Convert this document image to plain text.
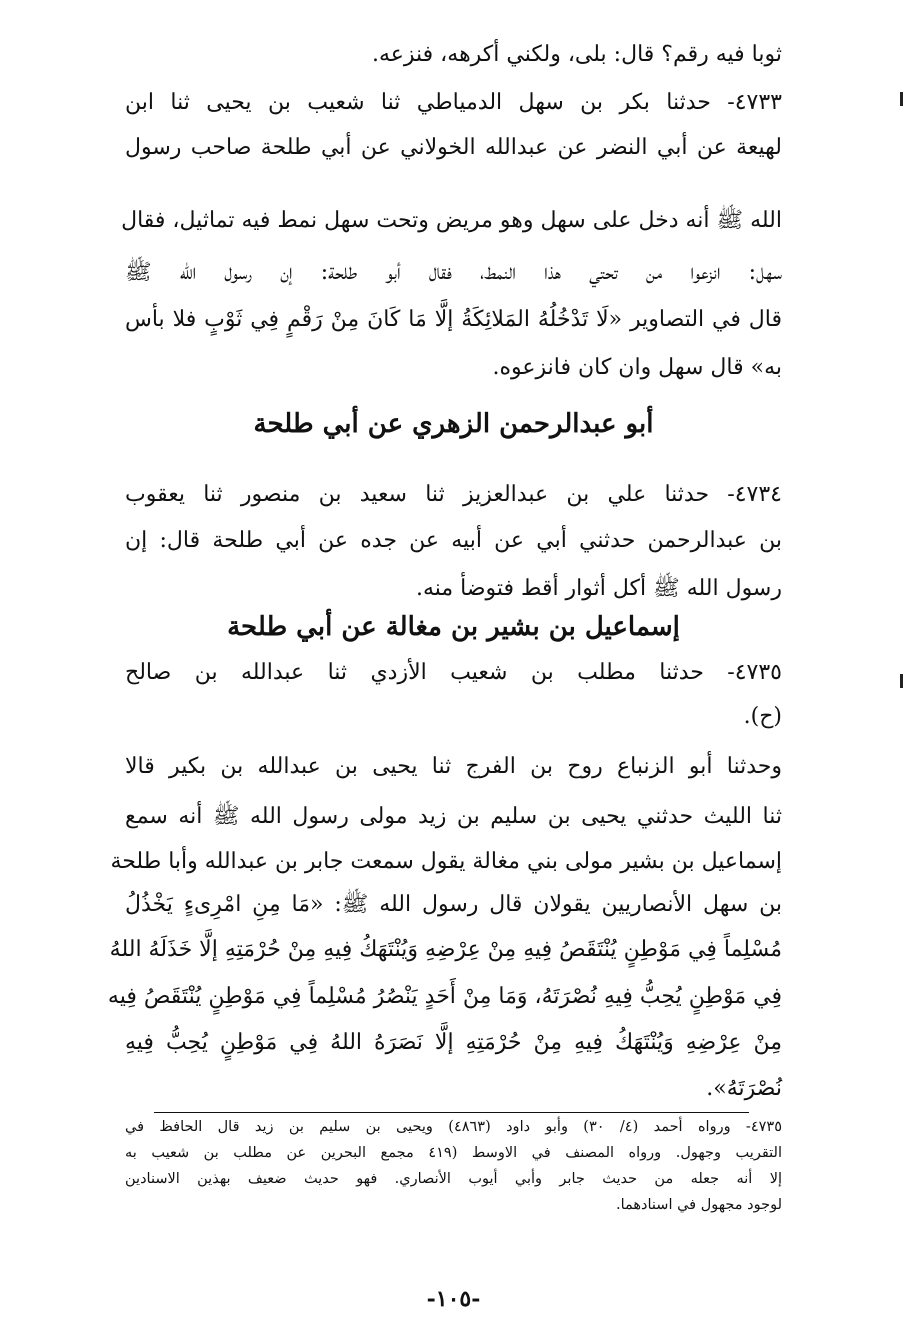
ثوبا فيه رقم؟ قال: بلى، ولكني أكرهه، فنزعه.
٤٧٣٣- حدثنا بكر بن سهل الدمياطي ثنا شعيب بن يحيى ثنا ابن
لهيعة عن أبي النضر عن عبدالله الخولاني عن أبي طلحة صاحب رسول
الله ﷺ أنه دخل على سهل وهو مريض وتحت سهل نمط فيه تماثيل، فقال
سهل: انزعوا من تحتي هذا النمط، فقال أبو طلحة: إن رسول الله ﷺ
قال في التصاوير «لَا تَدْخُلُهُ المَلائِكَةُ إلَّا مَا كَانَ مِنْ رَقْمٍ فِي ثَوْبٍ فلا بأس
به» قال سهل وان كان فانزعوه.
٤٧٣٤- حدثنا علي بن عبدالعزيز ثنا سعيد بن منصور ثنا يعقوب
بن عبدالرحمن حدثني أبي عن أبيه عن جده عن أبي طلحة قال: إن
رسول الله ﷺ أكل أثوار أقط فتوضأ منه.
٤٧٣٥- حدثنا مطلب بن شعيب الأزدي ثنا عبدالله بن صالح
(ح).
وحدثنا أبو الزنباع روح بن الفرج ثنا يحيى بن عبدالله بن بكير قالا
ثنا الليث حدثني يحيى بن سليم بن زيد مولى رسول الله ﷺ أنه سمع
إسماعيل بن بشير مولى بني مغالة يقول سمعت جابر بن عبدالله وأبا طلحة
بن سهل الأنصاريين يقولان قال رسول الله ﷺ: «مَا مِنِ امْرِىءٍ يَخْذُلُ
مُسْلِماً فِي مَوْطِنٍ يُنْتَقَصُ فِيهِ مِنْ عِرْضِهِ وَيُنْتَهَكُ فِيهِ مِنْ حُرْمَتِهِ إلَّا خَذَلَهُ اللهُ
فِي مَوْطِنٍ يُحِبُّ فِيهِ نُصْرَتَهُ، وَمَا مِنْ أَحَدٍ يَنْصُرُ مُسْلِماً فِي مَوْطِنٍ يُنْتَقَصُ فِيه
مِنْ عِرْضِهِ وَيُنْتَهَكُ فِيهِ مِنْ حُرْمَتِهِ إلَّا نَصَرَهُ اللهُ فِي مَوْطِنٍ يُحِبُّ فِيهِ
نُصْرَتَهُ».
أبو عبدالرحمن الزهري عن أبي طلحة
إسماعيل بن بشير بن مغالة عن أبي طلحة
٤٧٣٥- ورواه أحمد (٤/ ٣٠) وأبو داود (٤٨٦٣) ويحيى بن سليم بن زيد قال الحافظ في
التقريب وجهول. ورواه المصنف في الاوسط (٤١٩ مجمع البحرين عن مطلب بن شعيب به
إلا أنه جعله من حديث جابر وأبي أيوب الأنصاري. فهو حديث ضعيف بهذين الاسنادين
لوجود مجهول في اسنادهما.
-١٠٥-
